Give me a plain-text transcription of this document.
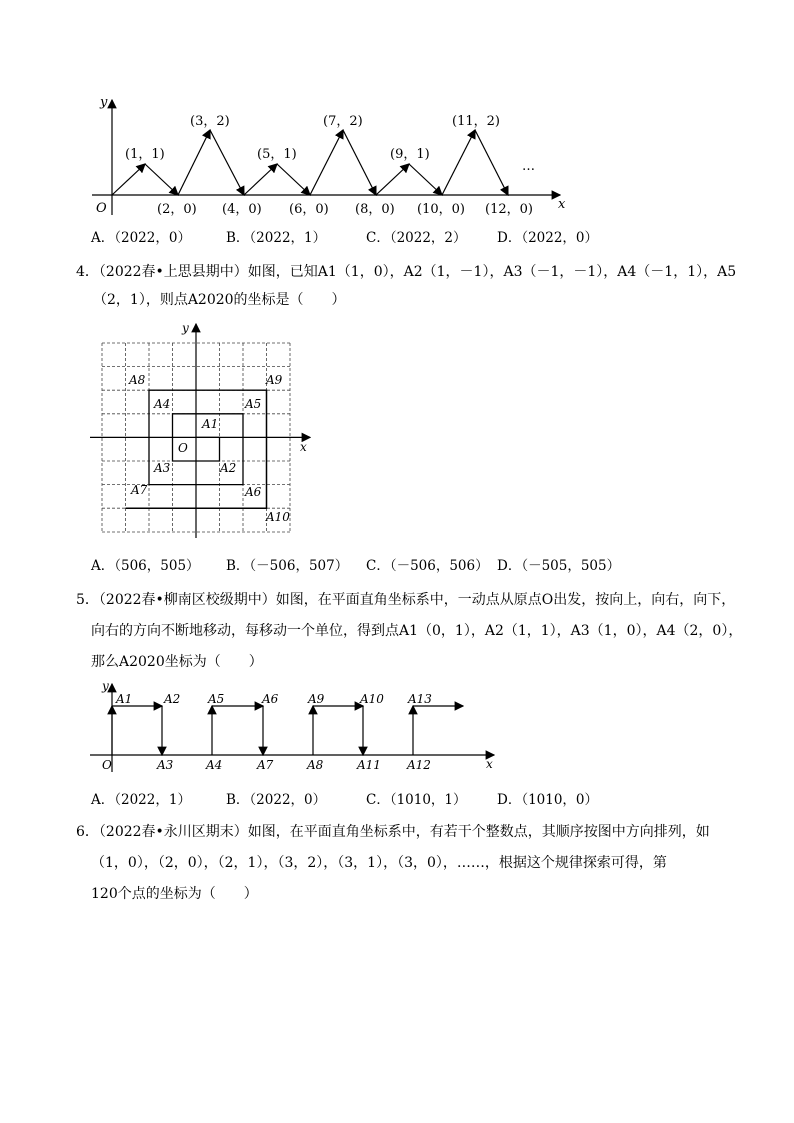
y
x
O
(1，1)
(3，2)
(5，1)
(7，2)
(9，1)
(11，2)
(2，0) (4，0) (6，0) (8，0) (10，0) (12，0)
…
A．（2022，0）	B．（2022，1）	C．（2022，2） D．（2022，0）
4．（2022春•上思县期中）如图，已知A1（1，0），A2（1，－1），A3（－1，－1），A4（－1，1），A5
（2，1），则点A2020的坐标是（　　）
y
x
O
A1
A2
A3
A4	A5
A6
A7
A8	A9
A10
A．（506，505） B．（－506，507） C．（－506，506） D．（－505，505）
5．（2022春•柳南区校级期中）如图，在平面直角坐标系中，一动点从原点O出发，按向上，向右，向下，
向右的方向不断地移动，每移动一个单位，得到点A1（0，1），A2（1，1），A3（1，0），A4（2，0），
那么A2020坐标为（　　）
y
x
O
A1	A2 A5	A6 A9	A10 A13
A3	A4	A7	A8	A11 A12
A．（2022，1）	B．（2022，0）	C．（1010，1） D．（1010，0）
6．（2022春•永川区期末）如图，在平面直角坐标系中，有若干个整数点，其顺序按图中方向排列，如
（1，0），（2，0），（2，1），（3，2），（3，1），（3，0），……，根据这个规律探索可得，第
120个点的坐标为（　　）
